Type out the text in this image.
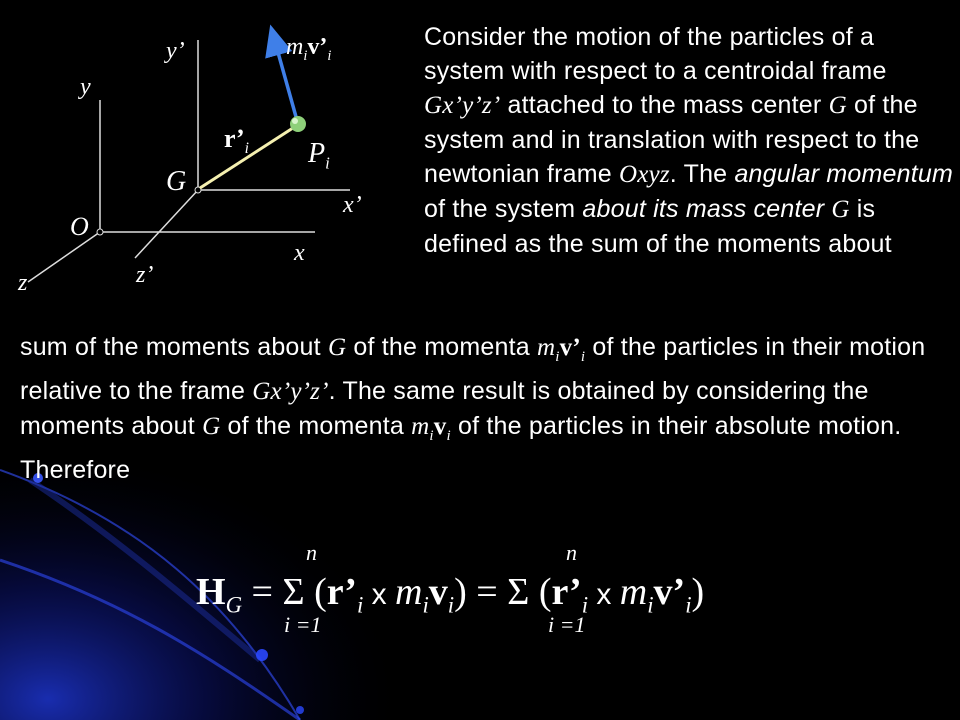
y’
y
$m_iv’_i$
$r’_i$ $P_i$
G
x’
O
x
z’
z
Consider the motion of the particles of a system with respect to a centroidal frame Gx’y’z’ attached to the mass center G of the system and in translation with respect to the newtonian frame Oxyz. The angular momentum of the system about its mass center G is defined as the sum of the moments about
sum of the moments about G of the momenta $m_iv’_i$ of the particles in their motion relative to the frame Gx’y’z’. The same result is obtained by considering the moments about G of the momenta $m_iv_i$ of the particles in their absolute motion. Therefore
n	n
$H_G = \Sigma$ ($r’_i$ x $m_iv_i) = \Sigma$ ($r’_i$ x $m_iv’_i$)
i =1	i =1
